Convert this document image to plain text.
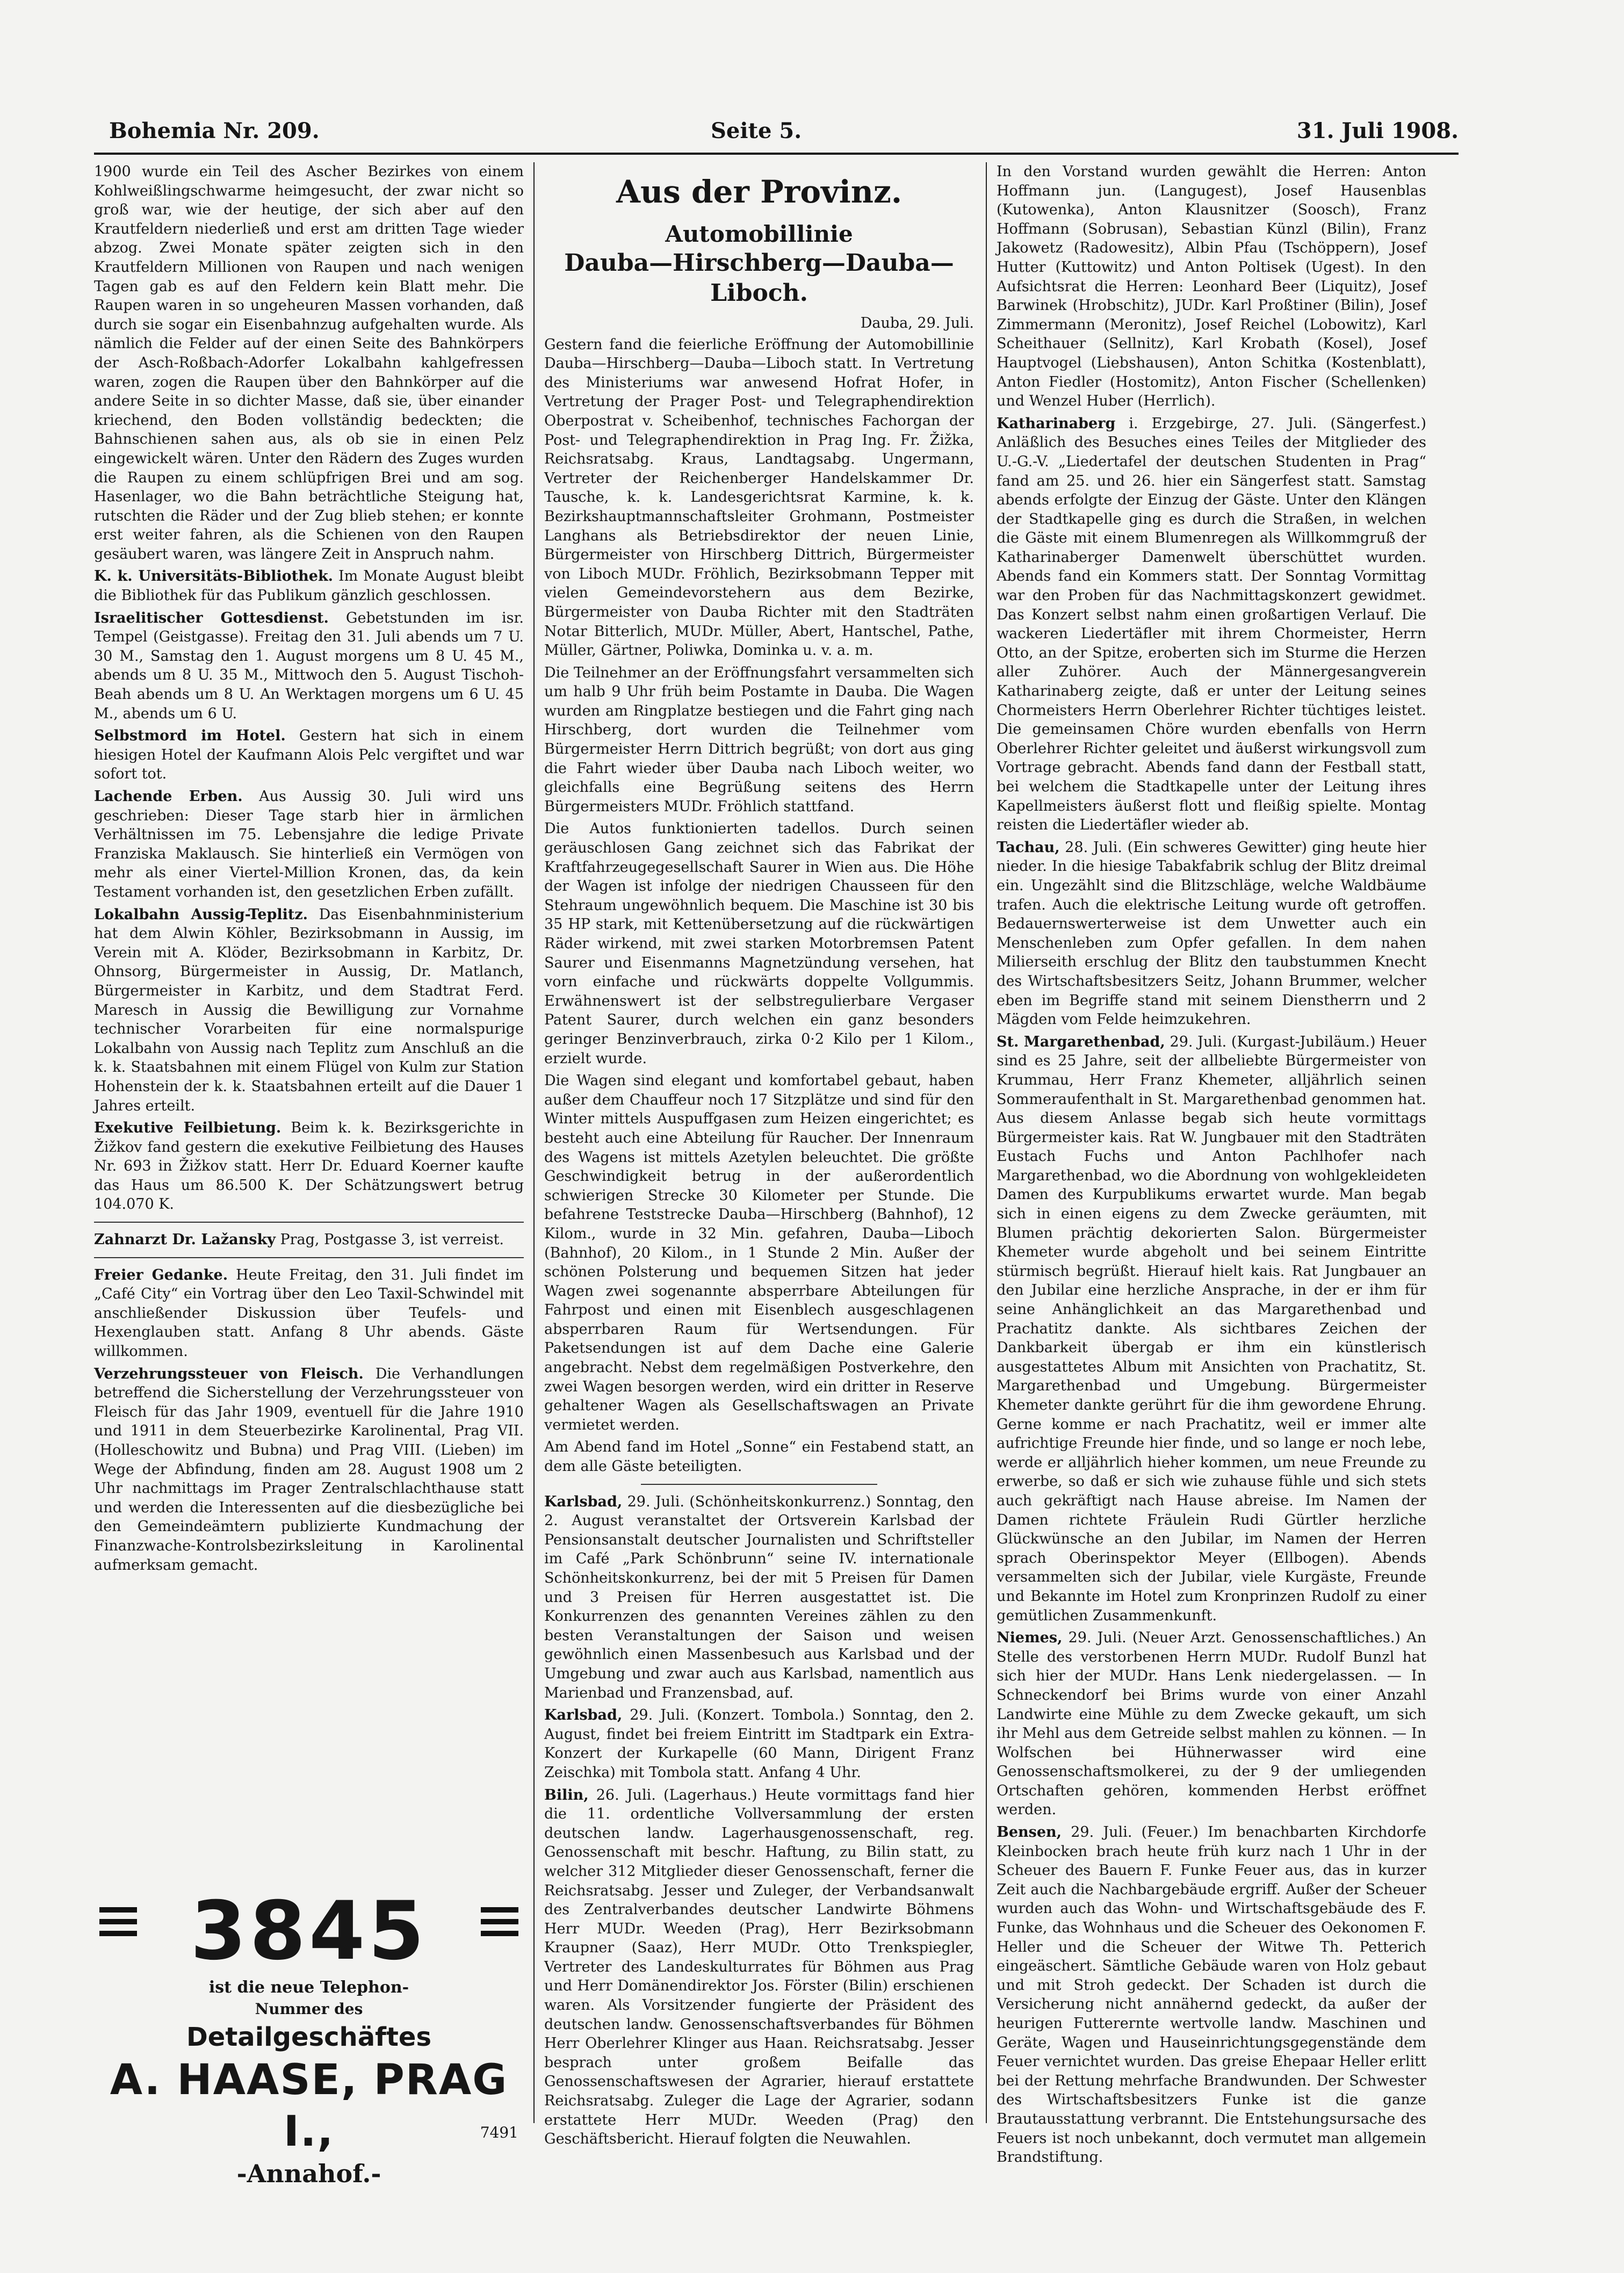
Bohemia Nr. 209.	Seite 5.	31. Juli 1908.

1900 wurde ein Teil des Ascher Bezirkes von einem Kohlweißlingschwarme heimgesucht, der zwar nicht so groß war, wie der heutige, der sich aber auf den Krautfeldern niederließ und erst am dritten Tage wieder abzog. Zwei Monate später zeigten sich in den Krautfeldern Millionen von Raupen und nach wenigen Tagen gab es auf den Feldern kein Blatt mehr. Die Raupen waren in so ungeheuren Massen vorhanden, daß durch sie sogar ein Eisenbahnzug aufgehalten wurde. Als nämlich die Felder auf der einen Seite des Bahnkörpers der Asch-Roßbach-Adorfer Lokalbahn kahlgefressen waren, zogen die Raupen über den Bahnkörper auf die andere Seite in so dichter Masse, daß sie, über einander kriechend, den Boden vollständig bedeckten; die Bahnschienen sahen aus, als ob sie in einen Pelz eingewickelt wären. Unter den Rädern des Zuges wurden die Raupen zu einem schlüpfrigen Brei und am sog. Hasenlager, wo die Bahn beträchtliche Steigung hat, rutschten die Räder und der Zug blieb stehen; er konnte erst weiter fahren, als die Schienen von den Raupen gesäubert waren, was längere Zeit in Anspruch nahm.

K. k. Universitäts-Bibliothek. Im Monate August bleibt die Bibliothek für das Publikum gänzlich geschlossen.

Israelitischer Gottesdienst. Gebetstunden im isr. Tempel (Geistgasse). Freitag den 31. Juli abends um 7 U. 30 M., Samstag den 1. August morgens um 8 U. 45 M., abends um 8 U. 35 M., Mittwoch den 5. August Tischoh-Beah abends um 8 U. An Werktagen morgens um 6 U. 45 M., abends um 6 U.

Selbstmord im Hotel. Gestern hat sich in einem hiesigen Hotel der Kaufmann Alois Pelc vergiftet und war sofort tot.

Lachende Erben. Aus Aussig 30. Juli wird uns geschrieben: Dieser Tage starb hier in ärmlichen Verhältnissen im 75. Lebensjahre die ledige Private Franziska Maklausch. Sie hinterließ ein Vermögen von mehr als einer Viertel-Million Kronen, das, da kein Testament vorhanden ist, den gesetzlichen Erben zufällt.

Lokalbahn Aussig-Teplitz. Das Eisenbahnministerium hat dem Alwin Köhler, Bezirksobmann in Aussig, im Verein mit A. Klöder, Bezirksobmann in Karbitz, Dr. Ohnsorg, Bürgermeister in Aussig, Dr. Matlanch, Bürgermeister in Karbitz, und dem Stadtrat Ferd. Maresch in Aussig die Bewilligung zur Vornahme technischer Vorarbeiten für eine normalspurige Lokalbahn von Aussig nach Teplitz zum Anschluß an die k. k. Staatsbahnen mit einem Flügel von Kulm zur Station Hohenstein der k. k. Staatsbahnen erteilt auf die Dauer 1 Jahres erteilt.

Exekutive Feilbietung. Beim k. k. Bezirksgerichte in Žižkov fand gestern die exekutive Feilbietung des Hauses Nr. 693 in Žižkov statt. Herr Dr. Eduard Koerner kaufte das Haus um 86.500 K. Der Schätzungswert betrug 104.070 K.

Zahnarzt Dr. Lažansky Prag, Postgasse 3, ist verreist.

Freier Gedanke. Heute Freitag, den 31. Juli findet im „Café City“ ein Vortrag über den Leo Taxil-Schwindel mit anschließender Diskussion über Teufels- und Hexenglauben statt. Anfang 8 Uhr abends. Gäste willkommen.

Verzehrungssteuer von Fleisch. Die Verhandlungen betreffend die Sicherstellung der Verzehrungssteuer von Fleisch für das Jahr 1909, eventuell für die Jahre 1910 und 1911 in dem Steuerbezirke Karolinental, Prag VII. (Holleschowitz und Bubna) und Prag VIII. (Lieben) im Wege der Abfindung, finden am 28. August 1908 um 2 Uhr nachmittags im Prager Zentralschlachthause statt und werden die Interessenten auf die diesbezügliche bei den Gemeindeämtern publizierte Kundmachung der Finanzwache-Kontrolsbezirksleitung in Karolinental aufmerksam gemacht.

3845
ist die neue Telephon-
Nummer des
Detailgeschäftes
A. HAASE, PRAG I.,
-Annahof.-
7491
Aus der Provinz.
Automobillinie
Dauba—Hirschberg—Dauba—Liboch.
Dauba, 29. Juli.

Gestern fand die feierliche Eröffnung der Automobillinie Dauba—Hirschberg—Dauba—Liboch statt. In Vertretung des Ministeriums war anwesend Hofrat Hofer, in Vertretung der Prager Post- und Telegraphendirektion Oberpostrat v. Scheibenhof, technisches Fachorgan der Post- und Telegraphendirektion in Prag Ing. Fr. Žižka, Reichsratsabg. Kraus, Landtagsabg. Ungermann, Vertreter der Reichenberger Handelskammer Dr. Tausche, k. k. Landesgerichtsrat Karmine, k. k. Bezirkshauptmannschaftsleiter Grohmann, Postmeister Langhans als Betriebsdirektor der neuen Linie, Bürgermeister von Hirschberg Dittrich, Bürgermeister von Liboch MUDr. Fröhlich, Bezirksobmann Tepper mit vielen Gemeindevorstehern aus dem Bezirke, Bürgermeister von Dauba Richter mit den Stadträten Notar Bitterlich, MUDr. Müller, Abert, Hantschel, Pathe, Müller, Gärtner, Poliwka, Dominka u. v. a. m.

Die Teilnehmer an der Eröffnungsfahrt versammelten sich um halb 9 Uhr früh beim Postamte in Dauba. Die Wagen wurden am Ringplatze bestiegen und die Fahrt ging nach Hirschberg, dort wurden die Teilnehmer vom Bürgermeister Herrn Dittrich begrüßt; von dort aus ging die Fahrt wieder über Dauba nach Liboch weiter, wo gleichfalls eine Begrüßung seitens des Herrn Bürgermeisters MUDr. Fröhlich stattfand.

Die Autos funktionierten tadellos. Durch seinen geräuschlosen Gang zeichnet sich das Fabrikat der Kraftfahrzeugegesellschaft Saurer in Wien aus. Die Höhe der Wagen ist infolge der niedrigen Chausseen für den Stehraum ungewöhnlich bequem. Die Maschine ist 30 bis 35 HP stark, mit Kettenübersetzung auf die rückwärtigen Räder wirkend, mit zwei starken Motorbremsen Patent Saurer und Eisenmanns Magnetzündung versehen, hat vorn einfache und rückwärts doppelte Vollgummis. Erwähnenswert ist der selbstregulierbare Vergaser Patent Saurer, durch welchen ein ganz besonders geringer Benzinverbrauch, zirka 0·2 Kilo per 1 Kilom., erzielt wurde.

Die Wagen sind elegant und komfortabel gebaut, haben außer dem Chauffeur noch 17 Sitzplätze und sind für den Winter mittels Auspuffgasen zum Heizen eingerichtet; es besteht auch eine Abteilung für Raucher. Der Innenraum des Wagens ist mittels Azetylen beleuchtet. Die größte Geschwindigkeit betrug in der außerordentlich schwierigen Strecke 30 Kilometer per Stunde. Die befahrene Teststrecke Dauba—Hirschberg (Bahnhof), 12 Kilom., wurde in 32 Min. gefahren, Dauba—Liboch (Bahnhof), 20 Kilom., in 1 Stunde 2 Min. Außer der schönen Polsterung und bequemen Sitzen hat jeder Wagen zwei sogenannte absperrbare Abteilungen für Fahrpost und einen mit Eisenblech ausgeschlagenen absperrbaren Raum für Wertsendungen. Für Paketsendungen ist auf dem Dache eine Galerie angebracht. Nebst dem regelmäßigen Postverkehre, den zwei Wagen besorgen werden, wird ein dritter in Reserve gehaltener Wagen als Gesellschaftswagen an Private vermietet werden.

Am Abend fand im Hotel „Sonne“ ein Festabend statt, an dem alle Gäste beteiligten.

Karlsbad, 29. Juli. (Schönheitskonkurrenz.) Sonntag, den 2. August veranstaltet der Ortsverein Karlsbad der Pensionsanstalt deutscher Journalisten und Schriftsteller im Café „Park Schönbrunn“ seine IV. internationale Schönheitskonkurrenz, bei der mit 5 Preisen für Damen und 3 Preisen für Herren ausgestattet ist. Die Konkurrenzen des genannten Vereines zählen zu den besten Veranstaltungen der Saison und weisen gewöhnlich einen Massenbesuch aus Karlsbad und der Umgebung und zwar auch aus Karlsbad, namentlich aus Marienbad und Franzensbad, auf.

Karlsbad, 29. Juli. (Konzert. Tombola.) Sonntag, den 2. August, findet bei freiem Eintritt im Stadtpark ein Extra-Konzert der Kurkapelle (60 Mann, Dirigent Franz Zeischka) mit Tombola statt. Anfang 4 Uhr.

Bilin, 26. Juli. (Lagerhaus.) Heute vormittags fand hier die 11. ordentliche Vollversammlung der ersten deutschen landw. Lagerhausgenossenschaft, reg. Genossenschaft mit beschr. Haftung, zu Bilin statt, zu welcher 312 Mitglieder dieser Genossenschaft, ferner die Reichsratsabg. Jesser und Zuleger, der Verbandsanwalt des Zentralverbandes deutscher Landwirte Böhmens Herr MUDr. Weeden (Prag), Herr Bezirksobmann Kraupner (Saaz), Herr MUDr. Otto Trenkspiegler, Vertreter des Landeskulturrates für Böhmen aus Prag und Herr Domänendirektor Jos. Förster (Bilin) erschienen waren. Als Vorsitzender fungierte der Präsident des deutschen landw. Genossenschaftsverbandes für Böhmen Herr Oberlehrer Klinger aus Haan. Reichsratsabg. Jesser besprach unter großem Beifalle das Genossenschaftswesen der Agrarier, hierauf erstattete Reichsratsabg. Zuleger die Lage der Agrarier, sodann erstattete Herr MUDr. Weeden (Prag) den Geschäftsbericht. Hierauf folgten die Neuwahlen.

In den Vorstand wurden gewählt die Herren: Anton Hoffmann jun. (Langugest), Josef Hausenblas (Kutowenka), Anton Klausnitzer (Soosch), Franz Hoffmann (Sobrusan), Sebastian Künzl (Bilin), Franz Jakowetz (Radowesitz), Albin Pfau (Tschöppern), Josef Hutter (Kuttowitz) und Anton Poltisek (Ugest). In den Aufsichtsrat die Herren: Leonhard Beer (Liquitz), Josef Barwinek (Hrobschitz), JUDr. Karl Proßtiner (Bilin), Josef Zimmermann (Meronitz), Josef Reichel (Lobowitz), Karl Scheithauer (Sellnitz), Karl Krobath (Kosel), Josef Hauptvogel (Liebshausen), Anton Schitka (Kostenblatt), Anton Fiedler (Hostomitz), Anton Fischer (Schellenken) und Wenzel Huber (Herrlich).

Katharinaberg i. Erzgebirge, 27. Juli. (Sängerfest.) Anläßlich des Besuches eines Teiles der Mitglieder des U.-G.-V. „Liedertafel der deutschen Studenten in Prag“ fand am 25. und 26. hier ein Sängerfest statt. Samstag abends erfolgte der Einzug der Gäste. Unter den Klängen der Stadtkapelle ging es durch die Straßen, in welchen die Gäste mit einem Blumenregen als Willkommgruß der Katharinaberger Damenwelt überschüttet wurden. Abends fand ein Kommers statt. Der Sonntag Vormittag war den Proben für das Nachmittagskonzert gewidmet. Das Konzert selbst nahm einen großartigen Verlauf. Die wackeren Liedertäfler mit ihrem Chormeister, Herrn Otto, an der Spitze, eroberten sich im Sturme die Herzen aller Zuhörer. Auch der Männergesangverein Katharinaberg zeigte, daß er unter der Leitung seines Chormeisters Herrn Oberlehrer Richter tüchtiges leistet. Die gemeinsamen Chöre wurden ebenfalls von Herrn Oberlehrer Richter geleitet und äußerst wirkungsvoll zum Vortrage gebracht. Abends fand dann der Festball statt, bei welchem die Stadtkapelle unter der Leitung ihres Kapellmeisters äußerst flott und fleißig spielte. Montag reisten die Liedertäfler wieder ab.

Tachau, 28. Juli. (Ein schweres Gewitter) ging heute hier nieder. In die hiesige Tabakfabrik schlug der Blitz dreimal ein. Ungezählt sind die Blitzschläge, welche Waldbäume trafen. Auch die elektrische Leitung wurde oft getroffen. Bedauernswerterweise ist dem Unwetter auch ein Menschenleben zum Opfer gefallen. In dem nahen Milierseith erschlug der Blitz den taubstummen Knecht des Wirtschaftsbesitzers Seitz, Johann Brummer, welcher eben im Begriffe stand mit seinem Dienstherrn und 2 Mägden vom Felde heimzukehren.

St. Margarethenbad, 29. Juli. (Kurgast-Jubiläum.) Heuer sind es 25 Jahre, seit der allbeliebte Bürgermeister von Krummau, Herr Franz Khemeter, alljährlich seinen Sommeraufenthalt in St. Margarethenbad genommen hat. Aus diesem Anlasse begab sich heute vormittags Bürgermeister kais. Rat W. Jungbauer mit den Stadträten Eustach Fuchs und Anton Pachlhofer nach Margarethenbad, wo die Abordnung von wohlgekleideten Damen des Kurpublikums erwartet wurde. Man begab sich in einen eigens zu dem Zwecke geräumten, mit Blumen prächtig dekorierten Salon. Bürgermeister Khemeter wurde abgeholt und bei seinem Eintritte stürmisch begrüßt. Hierauf hielt kais. Rat Jungbauer an den Jubilar eine herzliche Ansprache, in der er ihm für seine Anhänglichkeit an das Margarethenbad und Prachatitz dankte. Als sichtbares Zeichen der Dankbarkeit übergab er ihm ein künstlerisch ausgestattetes Album mit Ansichten von Prachatitz, St. Margarethenbad und Umgebung. Bürgermeister Khemeter dankte gerührt für die ihm gewordene Ehrung. Gerne komme er nach Prachatitz, weil er immer alte aufrichtige Freunde hier finde, und so lange er noch lebe, werde er alljährlich hieher kommen, um neue Freunde zu erwerbe, so daß er sich wie zuhause fühle und sich stets auch gekräftigt nach Hause abreise. Im Namen der Damen richtete Fräulein Rudi Gürtler herzliche Glückwünsche an den Jubilar, im Namen der Herren sprach Oberinspektor Meyer (Ellbogen). Abends versammelten sich der Jubilar, viele Kurgäste, Freunde und Bekannte im Hotel zum Kronprinzen Rudolf zu einer gemütlichen Zusammenkunft.

Niemes, 29. Juli. (Neuer Arzt. Genossenschaftliches.) An Stelle des verstorbenen Herrn MUDr. Rudolf Bunzl hat sich hier der MUDr. Hans Lenk niedergelassen. — In Schneckendorf bei Brims wurde von einer Anzahl Landwirte eine Mühle zu dem Zwecke gekauft, um sich ihr Mehl aus dem Getreide selbst mahlen zu können. — In Wolfschen bei Hühnerwasser wird eine Genossenschaftsmolkerei, zu der 9 der umliegenden Ortschaften gehören, kommenden Herbst eröffnet werden.

Bensen, 29. Juli. (Feuer.) Im benachbarten Kirchdorfe Kleinbocken brach heute früh kurz nach 1 Uhr in der Scheuer des Bauern F. Funke Feuer aus, das in kurzer Zeit auch die Nachbargebäude ergriff. Außer der Scheuer wurden auch das Wohn- und Wirtschaftsgebäude des F. Funke, das Wohnhaus und die Scheuer des Oekonomen F. Heller und die Scheuer der Witwe Th. Petterich eingeäschert. Sämtliche Gebäude waren von Holz gebaut und mit Stroh gedeckt. Der Schaden ist durch die Versicherung nicht annähernd gedeckt, da außer der heurigen Futterernte wertvolle landw. Maschinen und Geräte, Wagen und Hauseinrichtungsgegenstände dem Feuer vernichtet wurden. Das greise Ehepaar Heller erlitt bei der Rettung mehrfache Brandwunden. Der Schwester des Wirtschaftsbesitzers Funke ist die ganze Brautausstattung verbrannt. Die Entstehungsursache des Feuers ist noch unbekannt, doch vermutet man allgemein Brandstiftung.
